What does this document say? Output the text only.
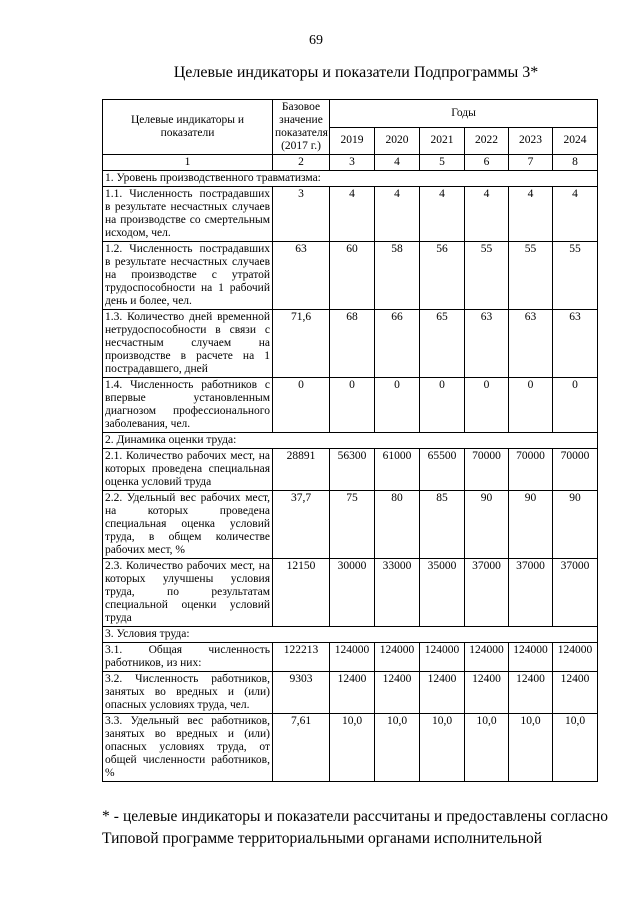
69
Целевые индикаторы и показатели Подпрограммы 3*
Целевые индикаторы и показатели	Базовое значение показателя (2017 г.)	Годы					
		2019	2020	2021	2022	2023	2024
1	2	3	4	5	6	7	8
1. Уровень производственного травматизма:							
1.1. Численность пострадавших в результате несчастных случаев на производстве со смертельным исходом, чел.	3	4	4	4	4	4	4
1.2. Численность пострадавших в результате несчастных случаев на производстве с утратой трудоспособности на 1 рабочий день и более, чел.	63	60	58	56	55	55	55
1.3. Количество дней временной нетрудоспособности в связи с несчастным случаем на производстве в расчете на 1 пострадавшего, дней	71,6	68	66	65	63	63	63
1.4. Численность работников с впервые установленным диагнозом профессионального заболевания, чел.	0	0	0	0	0	0	0
2. Динамика оценки труда:							
2.1. Количество рабочих мест, на которых проведена специальная оценка условий труда	28891	56300	61000	65500	70000	70000	70000
2.2. Удельный вес рабочих мест, на которых проведена специальная оценка условий труда, в общем количестве рабочих мест, %	37,7	75	80	85	90	90	90
2.3. Количество рабочих мест, на которых улучшены условия труда, по результатам специальной оценки условий труда	12150	30000	33000	35000	37000	37000	37000
3. Условия труда:							
3.1. Общая численность работников, из них:	122213	124000	124000	124000	124000	124000	124000
3.2. Численность работников, занятых во вредных и (или) опасных условиях труда, чел.	9303	12400	12400	12400	12400	12400	12400
3.3. Удельный вес работников, занятых во вредных и (или) опасных условиях труда, от общей численности работников, %	7,61	10,0	10,0	10,0	10,0	10,0	10,0
* - целевые индикаторы и показатели рассчитаны и предоставлены согласно Типовой программе территориальными органами исполнительной
